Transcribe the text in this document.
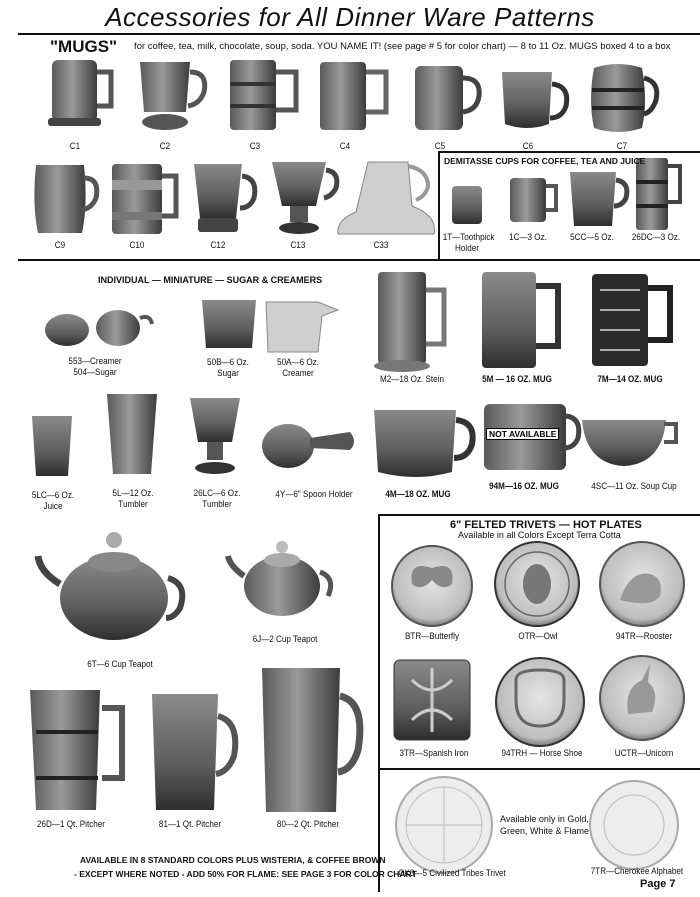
Accessories for All Dinner Ware Patterns
"MUGS" for coffee, tea, milk, chocolate, soup, soda. YOU NAME IT! (see page # 5 for color chart) — 8 to 11 Oz. MUGS boxed 4 to a box
C1	C2	C3	C4	C5	C6	C7
C9	C10	C12	C13	C33
DEMITASSE CUPS FOR COFFEE, TEA AND JUICE
1T—Toothpick
Holder
1C—3 Oz.	5CC—5 Oz.	26DC—3 Oz.
INDIVIDUAL — MINIATURE — SUGAR & CREAMERS
553—Creamer
504—Sugar
50B—6 Oz.
Sugar
50A—6 Oz.
Creamer
5LC—6 Oz.
Juice
5L—12 Oz.
Tumbler
26LC—6 Oz.
Tumbler
4Y—6" Spoon Holder
M2—18 Oz. Stein	5M — 16 OZ. MUG	7M—14 OZ. MUG
4M—18 OZ. MUG
94M—16 OZ. MUG	4SC—11 Oz. Soup Cup
NOT AVAILABLE
6T—6 Cup Teapot
6J—2 Cup Teapot
26D—1 Qt. Pitcher	81—1 Qt. Pitcher	80—2 Qt. Pitcher
AVAILABLE IN 8 STANDARD COLORS PLUS WISTERIA, & COFFEE BROWN
- EXCEPT WHERE NOTED - ADD 50% FOR FLAME: SEE PAGE 3 FOR COLOR CHART
6" FELTED TRIVETS — HOT PLATES
Available in all Colors Except Terra Cotta
BTR—Butterfly	OTR—Owl	94TR—Rooster
3TR—Spanish Iron	94TRH — Horse Shoe	UCTR—Unicorn
Available only in Gold,
Green, White & Flame
OK3—5 Civilized Tribes Trivet	7TR—Cherokee Alphabet
Page 7
